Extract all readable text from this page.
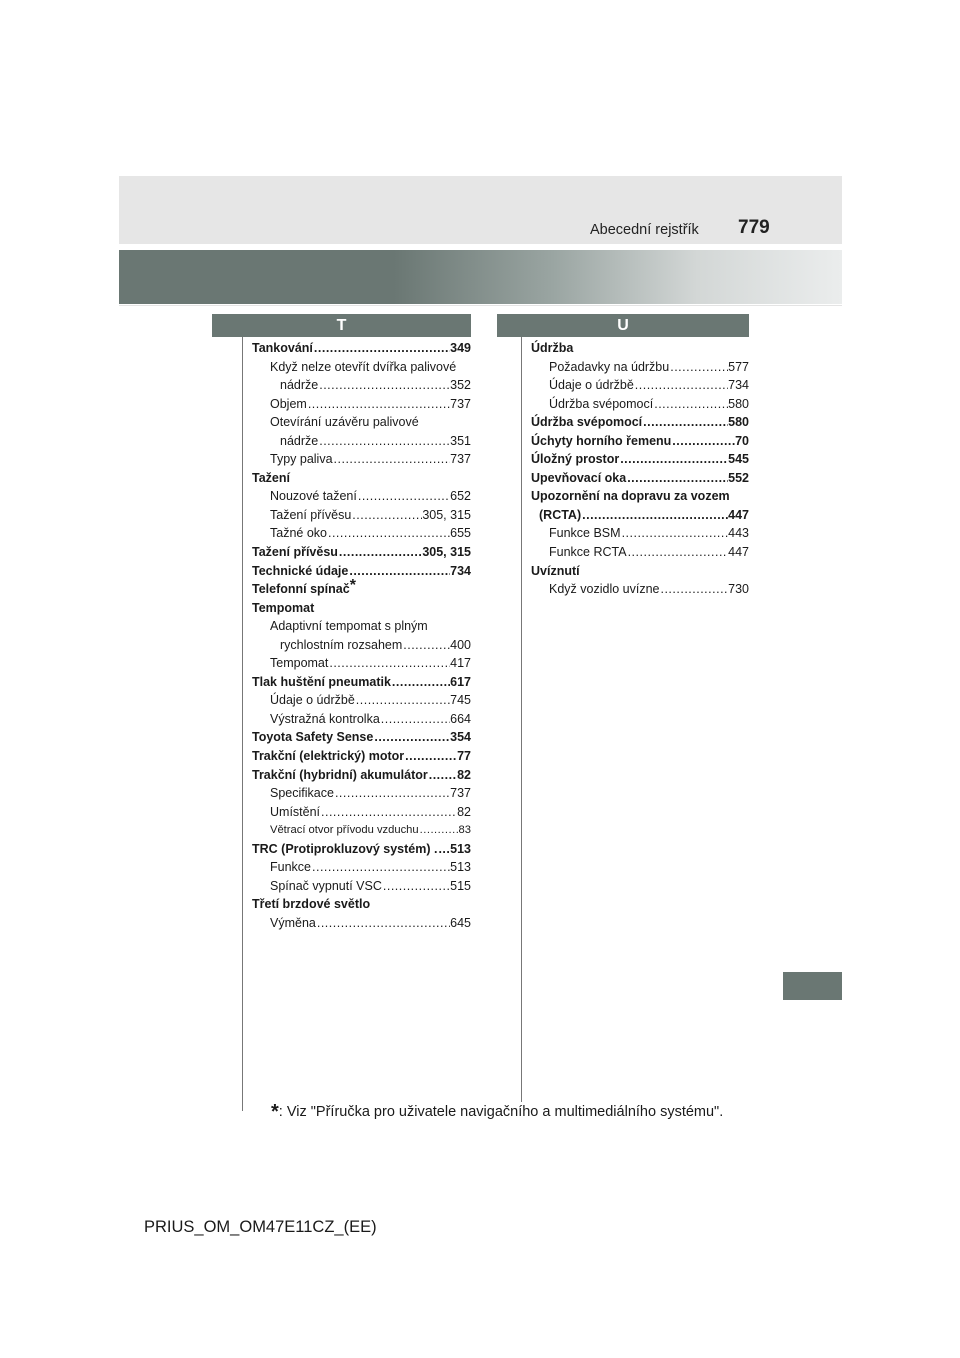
Abecední rejstřík 779
T	U
Tankování .....	349
Když nelze otevřít dvířka palivové
nádrže .....	352
Objem .....	737
Otevírání uzávěru palivové
nádrže .....	351
Typy paliva .....	737
Tažení
Nouzové tažení .....	652
Tažení přívěsu .....	305, 315
Tažné oko .....	655
Tažení přívěsu .....	305, 315
Technické údaje .....	734
Telefonní spínač*
Tempomat
Adaptivní tempomat s plným
rychlostním rozsahem .....	400
Tempomat .....	417
Tlak huštění pneumatik .....	617
Údaje o údržbě .....	745
Výstražná kontrolka .....	664
Toyota Safety Sense .....	354
Trakční (elektrický) motor .....	77
Trakční (hybridní) akumulátor ..... 82
Specifikace .....	737
Umístění .....	82
Větrací otvor přívodu vzduchu .....	83
TRC (Protiprokluzový systém) . ..... 513
Funkce .....	513
Spínač vypnutí VSC .....	515
Třetí brzdové světlo
Výměna .....	645
Údržba
Požadavky na údržbu .....	577
Údaje o údržbě .....	734
Údržba svépomocí .....	580
Údržba svépomocí .....	580
Úchyty horního řemenu .....	70
Úložný prostor .....	545
Upevňovací oka .....	552
Upozornění na dopravu za vozem
(RCTA) .....	447
Funkce BSM .....	443
Funkce RCTA .....	447
Uvíznutí
Když vozidlo uvízne .....	730
*: Viz "Příručka pro uživatele navigačního a multimediálního systému".
PRIUS_OM_OM47E11CZ_(EE)
